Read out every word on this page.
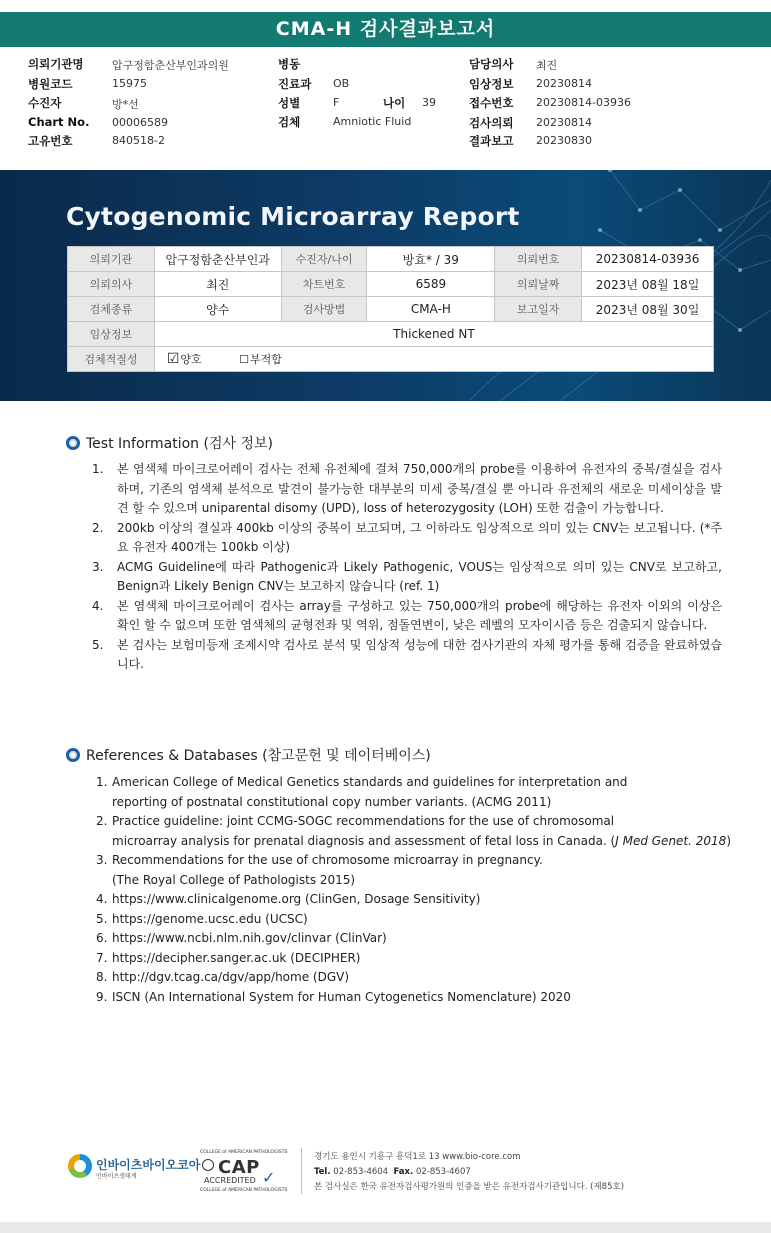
CMA-H 검사결과보고서
의뢰기관명	압구정함춘산부인과의원
병원코드	15975
수진자	방*선
Chart No. 00006589
고유번호	840518-2
병동
진료과 OB
성별	F	나이 39
검체	Amniotic Fluid
담당의사 최진
임상정보 20230814
접수번호 20230814-03936
검사의뢰 20230814
결과보고 20230830
Cytogenomic Microarray Report
의뢰기관	압구정함춘산부인과	수진자/나이	방효* / 39	의뢰번호	20230814-03936
의뢰의사	최진	차트번호	6589	의뢰날짜	2023년 08월 18일
검체종류	양수	검사방법	CMA-H	보고일자	2023년 08월 30일
임상정보	Thickened NT				
검체적절성	☑양호 ☐부적합				
Test Information (검사 정보)
1. 본 염색체 마이크로어레이 검사는 전체 유전체에 걸쳐 750,000개의 probe를 이용하여 유전자의 중복/결실을 검사하며, 기존의 염색체 분석으로 발견이 불가능한 대부분의 미세 중복/결실 뿐 아니라 유전체의 새로운 미세이상을 발견 할 수 있으며 uniparental disomy (UPD), loss of heterozygosity (LOH) 또한 검출이 가능합니다.
2. 200kb 이상의 결실과 400kb 이상의 중복이 보고되며, 그 이하라도 임상적으로 의미 있는 CNV는 보고됩니다. (*주요 유전자 400개는 100kb 이상)
3. ACMG Guideline에 따라 Pathogenic과 Likely Pathogenic, VOUS는 임상적으로 의미 있는 CNV로 보고하고, Benign과 Likely Benign CNV는 보고하지 않습니다 (ref. 1)
4. 본 염색체 마이크로어레이 검사는 array를 구성하고 있는 750,000개의 probe에 해당하는 유전자 이외의 이상은 확인 할 수 없으며 또한 염색체의 균형전좌 및 역위, 점돌연변이, 낮은 레벨의 모자이시즘 등은 검출되지 않습니다.
5. 본 검사는 보험미등재 조제시약 검사로 분석 및 임상적 성능에 대한 검사기관의 자체 평가를 통해 검증을 완료하였습니다.
References & Databases (참고문헌 및 데이터베이스)
1. American College of Medical Genetics standards and guidelines for interpretation and
reporting of postnatal constitutional copy number variants. (ACMG 2011)
2. Practice guideline: joint CCMG-SOGC recommendations for the use of chromosomal
microarray analysis for prenatal diagnosis and assessment of fetal loss in Canada. (J Med Genet. 2018)
3. Recommendations for the use of chromosome microarray in pregnancy.
(The Royal College of Pathologists 2015)
4. https://www.clinicalgenome.org (ClinGen, Dosage Sensitivity)
5. https://genome.ucsc.edu (UCSC)
6. https://www.ncbi.nlm.nih.gov/clinvar (ClinVar)
7. https://decipher.sanger.ac.uk (DECIPHER)
8. http://dgv.tcag.ca/dgv/app/home (DGV)
9. ISCN (An International System for Human Cytogenetics Nomenclature) 2020
인바이츠바이오코아
인바이츠생태계
COLLEGE of AMERICAN PATHOLOGISTS
CAP
ACCREDITED ✓
COLLEGE of AMERICAN PATHOLOGISTS
경기도 용인시 기흥구 흥덕1로 13 www.bio-core.com
Tel. 02-853-4604 Fax. 02-853-4607
본 검사실은 한국 유전자검사평가원의 인증을 받은 유전자검사기관입니다. (제85호)
